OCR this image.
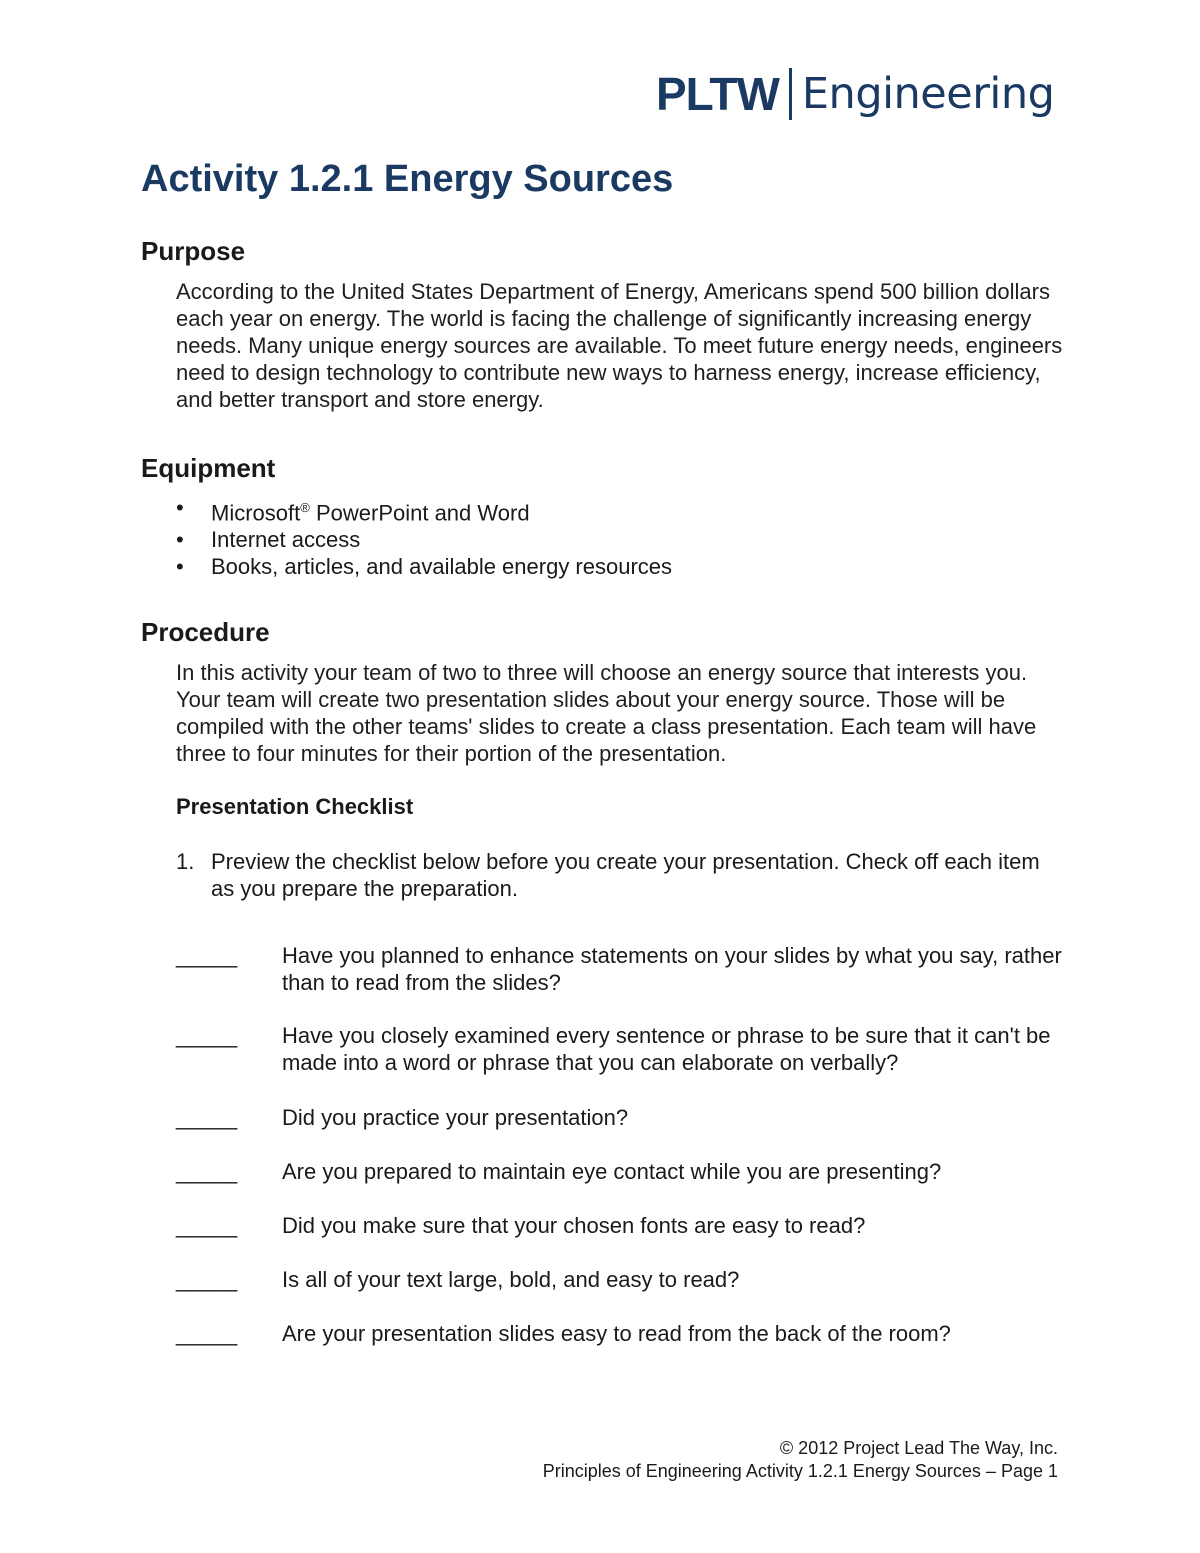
PLTW Engineering
Activity 1.2.1 Energy Sources
Purpose

According to the United States Department of Energy, Americans spend 500 billion dollars each year on energy. The world is facing the challenge of significantly increasing energy needs. Many unique energy sources are available. To meet future energy needs, engineers need to design technology to contribute new ways to harness energy, increase efficiency, and better transport and store energy.

Equipment
• Microsoft® PowerPoint and Word
• Internet access
• Books, articles, and available energy resources
Procedure

In this activity your team of two to three will choose an energy source that interests you. Your team will create two presentation slides about your energy source. Those will be compiled with the other teams' slides to create a class presentation. Each team will have three to four minutes for their portion of the presentation.

Presentation Checklist
1. Preview the checklist below before you create your presentation. Check off each item as you prepare the preparation.
_____ Have you planned to enhance statements on your slides by what you say, rather than to read from the slides?
_____ Have you closely examined every sentence or phrase to be sure that it can't be made into a word or phrase that you can elaborate on verbally?
_____ Did you practice your presentation?
_____ Are you prepared to maintain eye contact while you are presenting?
_____ Did you make sure that your chosen fonts are easy to read?
_____ Is all of your text large, bold, and easy to read?
_____ Are your presentation slides easy to read from the back of the room?
© 2012 Project Lead The Way, Inc.
Principles of Engineering Activity 1.2.1 Energy Sources – Page 1
